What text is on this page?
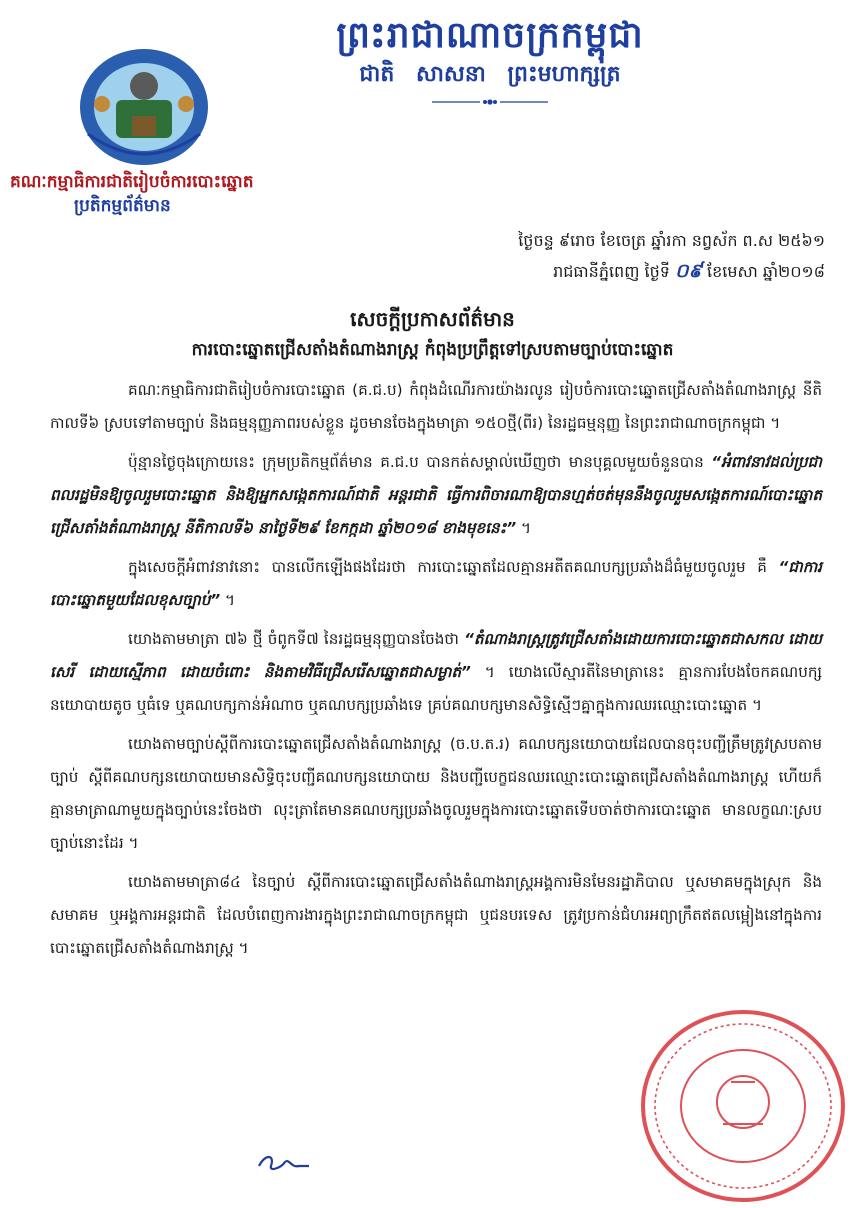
ព្រះរាជាណាចក្រកម្ពុជា
ជាតិ សាសនា ព្រះមហាក្សត្រ
គណៈកម្មាធិការជាតិរៀបចំការបោះឆ្នោត
ប្រតិកម្មព័ត៌មាន
ថ្ងៃចន្ទ ៩រោច ខែចេត្រ ឆ្នាំរកា នព្វស័ក ព.ស ២៥៦១
រាជធានីភ្នំពេញ ថ្ងៃទី ០៩ ខែមេសា ឆ្នាំ២០១៨
សេចក្តីប្រកាសព័ត៌មាន
ការបោះឆ្នោតជ្រើសតាំងតំណាងរាស្ត្រ កំពុងប្រព្រឹត្តទៅស្របតាមច្បាប់បោះឆ្នោត

គណៈកម្មាធិការជាតិរៀបចំការបោះឆ្នោត (គ.ជ.ប) កំពុងដំណើរការយ៉ាងរលូន រៀបចំការបោះឆ្នោតជ្រើសតាំងតំណាងរាស្ត្រ នីតិកាលទី៦ ស្របទៅតាមច្បាប់ និងធម្មនុញ្ញភាពរបស់ខ្លួន ដូចមានចែងក្នុងមាត្រា ១៥០ថ្មី(ពីរ) នៃរដ្ឋធម្មនុញ្ញ នៃព្រះរាជាណាចក្រកម្ពុជា ។

ប៉ុន្មានថ្ងៃចុងក្រោយនេះ ក្រុមប្រតិកម្មព័ត៌មាន គ.ជ.ប បានកត់សម្គាល់ឃើញថា មានបុគ្គលមួយចំនួនបាន “អំពាវនាវដល់ប្រជាពលរដ្ឋមិនឱ្យចូលរួមបោះឆ្នោត និងឱ្យអ្នកសង្កេតការណ៍ជាតិ អន្តរជាតិ ធ្វើការពិចារណាឱ្យបានហ្មត់ចត់មុននឹងចូលរួមសង្កេតការណ៍បោះឆ្នោតជ្រើសតាំងតំណាងរាស្ត្រ នីតិកាលទី៦ នាថ្ងៃទី២៩ ខែកក្កដា ឆ្នាំ២០១៨ ខាងមុខនេះ” ។

ក្នុងសេចក្តីអំពាវនាវនោះ បានលើកឡើងផងដែរថា ការបោះឆ្នោតដែលគ្មានអតីតគណបក្សប្រឆាំងដ៏ធំមួយចូលរួម គឺ “ជាការបោះឆ្នោតមួយដែលខុសច្បាប់” ។

យោងតាមមាត្រា ៧៦ ថ្មី ចំពូកទី៧ នៃរដ្ឋធម្មនុញ្ញបានចែងថា “តំណាងរាស្ត្រត្រូវជ្រើសតាំងដោយការបោះឆ្នោតជាសកល ដោយសេរី ដោយស្មើភាព ដោយចំពោះ និងតាមវិធីជ្រើសរើសឆ្នោតជាសម្ងាត់” ។ យោងលើស្មារតីនៃមាត្រានេះ គ្មានការបែងចែកគណបក្សនយោបាយតូច ឬធំទេ ឬគណបក្សកាន់អំណាច ឬគណបក្សប្រឆាំងទេ គ្រប់គណបក្សមានសិទ្ធិស្មើៗគ្នាក្នុងការឈរឈ្មោះបោះឆ្នោត ។

យោងតាមច្បាប់ស្តីពីការបោះឆ្នោតជ្រើសតាំងតំណាងរាស្ត្រ (ច.ប.ត.រ) គណបក្សនយោបាយដែលបានចុះបញ្ជីត្រឹមត្រូវស្របតាមច្បាប់ ស្តីពីគណបក្សនយោបាយមានសិទ្ធិចុះបញ្ជីគណបក្សនយោបាយ និងបញ្ជីបេក្ខជនឈរឈ្មោះបោះឆ្នោតជ្រើសតាំងតំណាងរាស្ត្រ ហើយក៏គ្មានមាត្រាណាមួយក្នុងច្បាប់នេះចែងថា លុះត្រាតែមានគណបក្សប្រឆាំងចូលរួមក្នុងការបោះឆ្នោតទើបចាត់ថាការបោះឆ្នោត មានលក្ខណៈស្របច្បាប់នោះដែរ ។

យោងតាមមាត្រា៨៤ នៃច្បាប់ ស្តីពីការបោះឆ្នោតជ្រើសតាំងតំណាងរាស្ត្រអង្គការមិនមែនរដ្ឋាភិបាល ឬសមាគមក្នុងស្រុក និងសមាគម ឬអង្គការអន្តរជាតិ ដែលបំពេញការងារក្នុងព្រះរាជាណាចក្រកម្ពុជា ឬជនបរទេស ត្រូវប្រកាន់ជំហរអព្យាក្រឹតឥតលម្អៀងនៅក្នុងការបោះឆ្នោតជ្រើសតាំងតំណាងរាស្ត្រ ។
